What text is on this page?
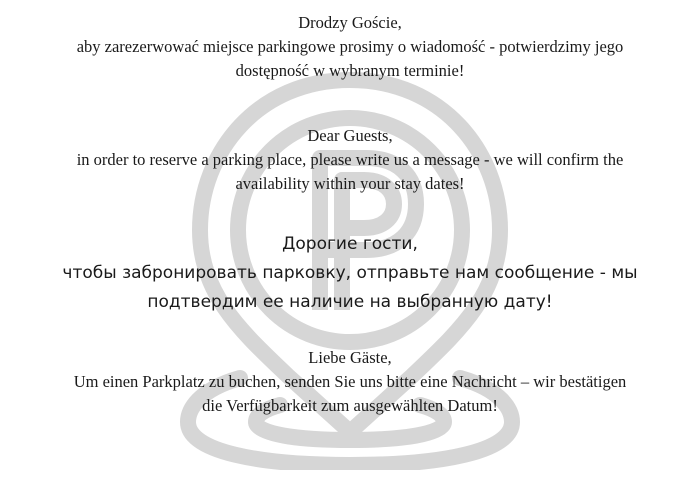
Drodzy Goście,
aby zarezerwować miejsce parkingowe prosimy o wiadomość - potwierdzimy jego
dostępność w wybranym terminie!
Dear Guests,
in order to reserve a parking place, please write us a message - we will confirm the
availability within your stay dates!
Дорогие гости,
чтобы забронировать парковку, отправьте нам сообщение - мы
подтвердим ее наличие на выбранную дату!
Liebe Gäste,
Um einen Parkplatz zu buchen, senden Sie uns bitte eine Nachricht – wir bestätigen
die Verfügbarkeit zum ausgewählten Datum!
